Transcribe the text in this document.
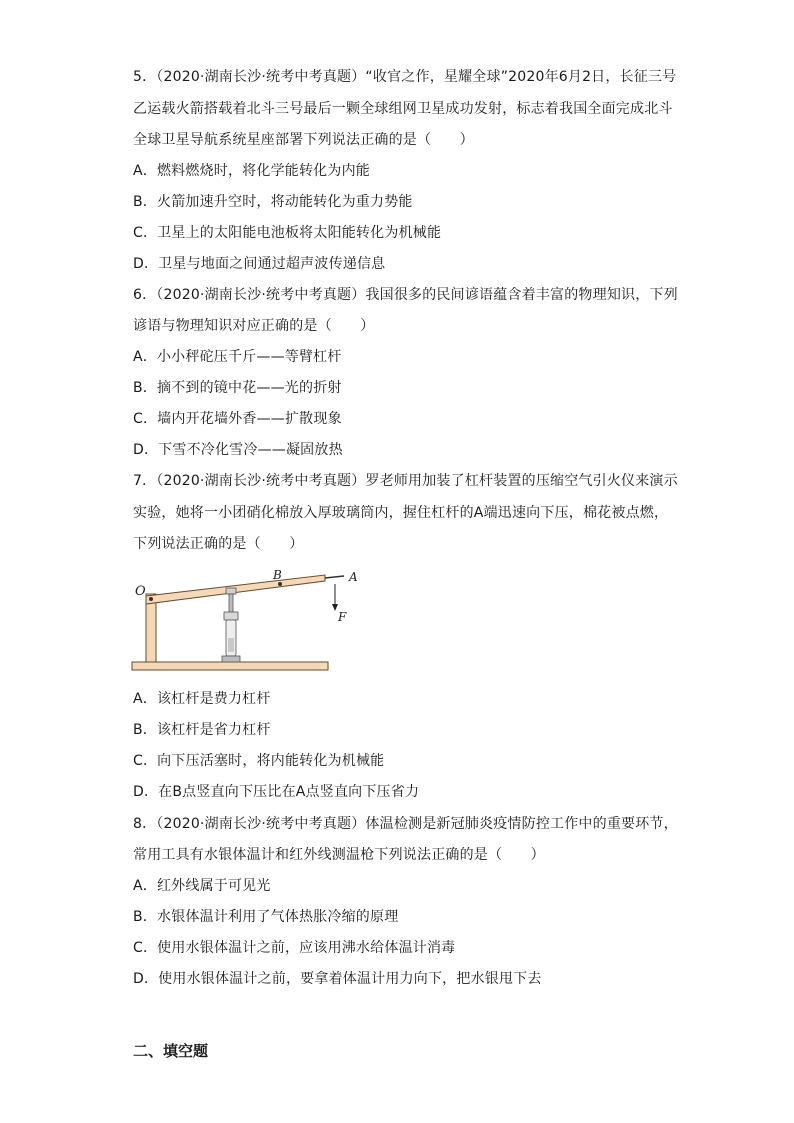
5．（2020·湖南长沙·统考中考真题）“收官之作，星耀全球”2020年6月2日，长征三号
乙运载火箭搭载着北斗三号最后一颗全球组网卫星成功发射，标志着我国全面完成北斗
全球卫星导航系统星座部署下列说法正确的是（　　）
A．燃料燃烧时，将化学能转化为内能
B．火箭加速升空时，将动能转化为重力势能
C．卫星上的太阳能电池板将太阳能转化为机械能
D．卫星与地面之间通过超声波传递信息
6．（2020·湖南长沙·统考中考真题）我国很多的民间谚语蕴含着丰富的物理知识，下列
谚语与物理知识对应正确的是（　　）
A．小小秤砣压千斤——等臂杠杆
B．摘不到的镜中花——光的折射
C．墙内开花墙外香——扩散现象
D．下雪不冷化雪冷——凝固放热
7．（2020·湖南长沙·统考中考真题）罗老师用加装了杠杆装置的压缩空气引火仪来演示
实验，她将一小团硝化棉放入厚玻璃筒内，握住杠杆的A端迅速向下压，棉花被点燃，
下列说法正确的是（　　）
O
B	A
F
A．该杠杆是费力杠杆
B．该杠杆是省力杠杆
C．向下压活塞时，将内能转化为机械能
D．在B点竖直向下压比在A点竖直向下压省力
8．（2020·湖南长沙·统考中考真题）体温检测是新冠肺炎疫情防控工作中的重要环节，
常用工具有水银体温计和红外线测温枪下列说法正确的是（　　）
A．红外线属于可见光
B．水银体温计利用了气体热胀冷缩的原理
C．使用水银体温计之前，应该用沸水给体温计消毒
D．使用水银体温计之前，要拿着体温计用力向下，把水银甩下去
二、填空题
